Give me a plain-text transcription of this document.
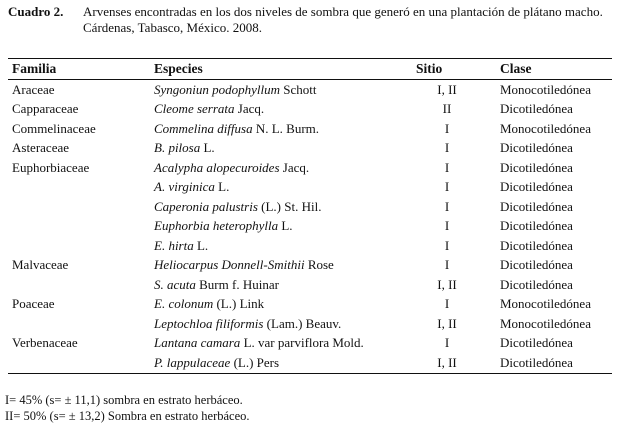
Cuadro 2. Arvenses encontradas en los dos niveles de sombra que generó en una plantación de plátano macho. Cárdenas, Tabasco, México. 2008.
Familia	Especies	Sitio	Clase
Araceae	Syngoniun podophyllum Schott	I, II	Monocotiledónea
Capparaceae	Cleome serrata Jacq.	II	Dicotiledónea
Commelinaceae	Commelina diffusa N. L. Burm.	I	Monocotiledónea
Asteraceae	B. pilosa L.	I	Dicotiledónea
Euphorbiaceae	Acalypha alopecuroides Jacq.	I	Dicotiledónea
	A. virginica L.	I	Dicotiledónea
	Caperonia palustris (L.) St. Hil.	I	Dicotiledónea
	Euphorbia heterophylla L.	I	Dicotiledónea
	E. hirta L.	I	Dicotiledónea
Malvaceae	Heliocarpus Donnell-Smithii Rose	I	Dicotiledónea
	S. acuta Burm f. Huinar	I, II	Dicotiledónea
Poaceae	E. colonum (L.) Link	I	Monocotiledónea
	Leptochloa filiformis (Lam.) Beauv.	I, II	Monocotiledónea
Verbenaceae	Lantana camara L. var parviflora Mold.	I	Dicotiledónea
	P. lappulaceae (L.) Pers	I, II	Dicotiledónea
I= 45% (s= ± 11,1) sombra en estrato herbáceo.
II= 50% (s= ± 13,2) Sombra en estrato herbáceo.
